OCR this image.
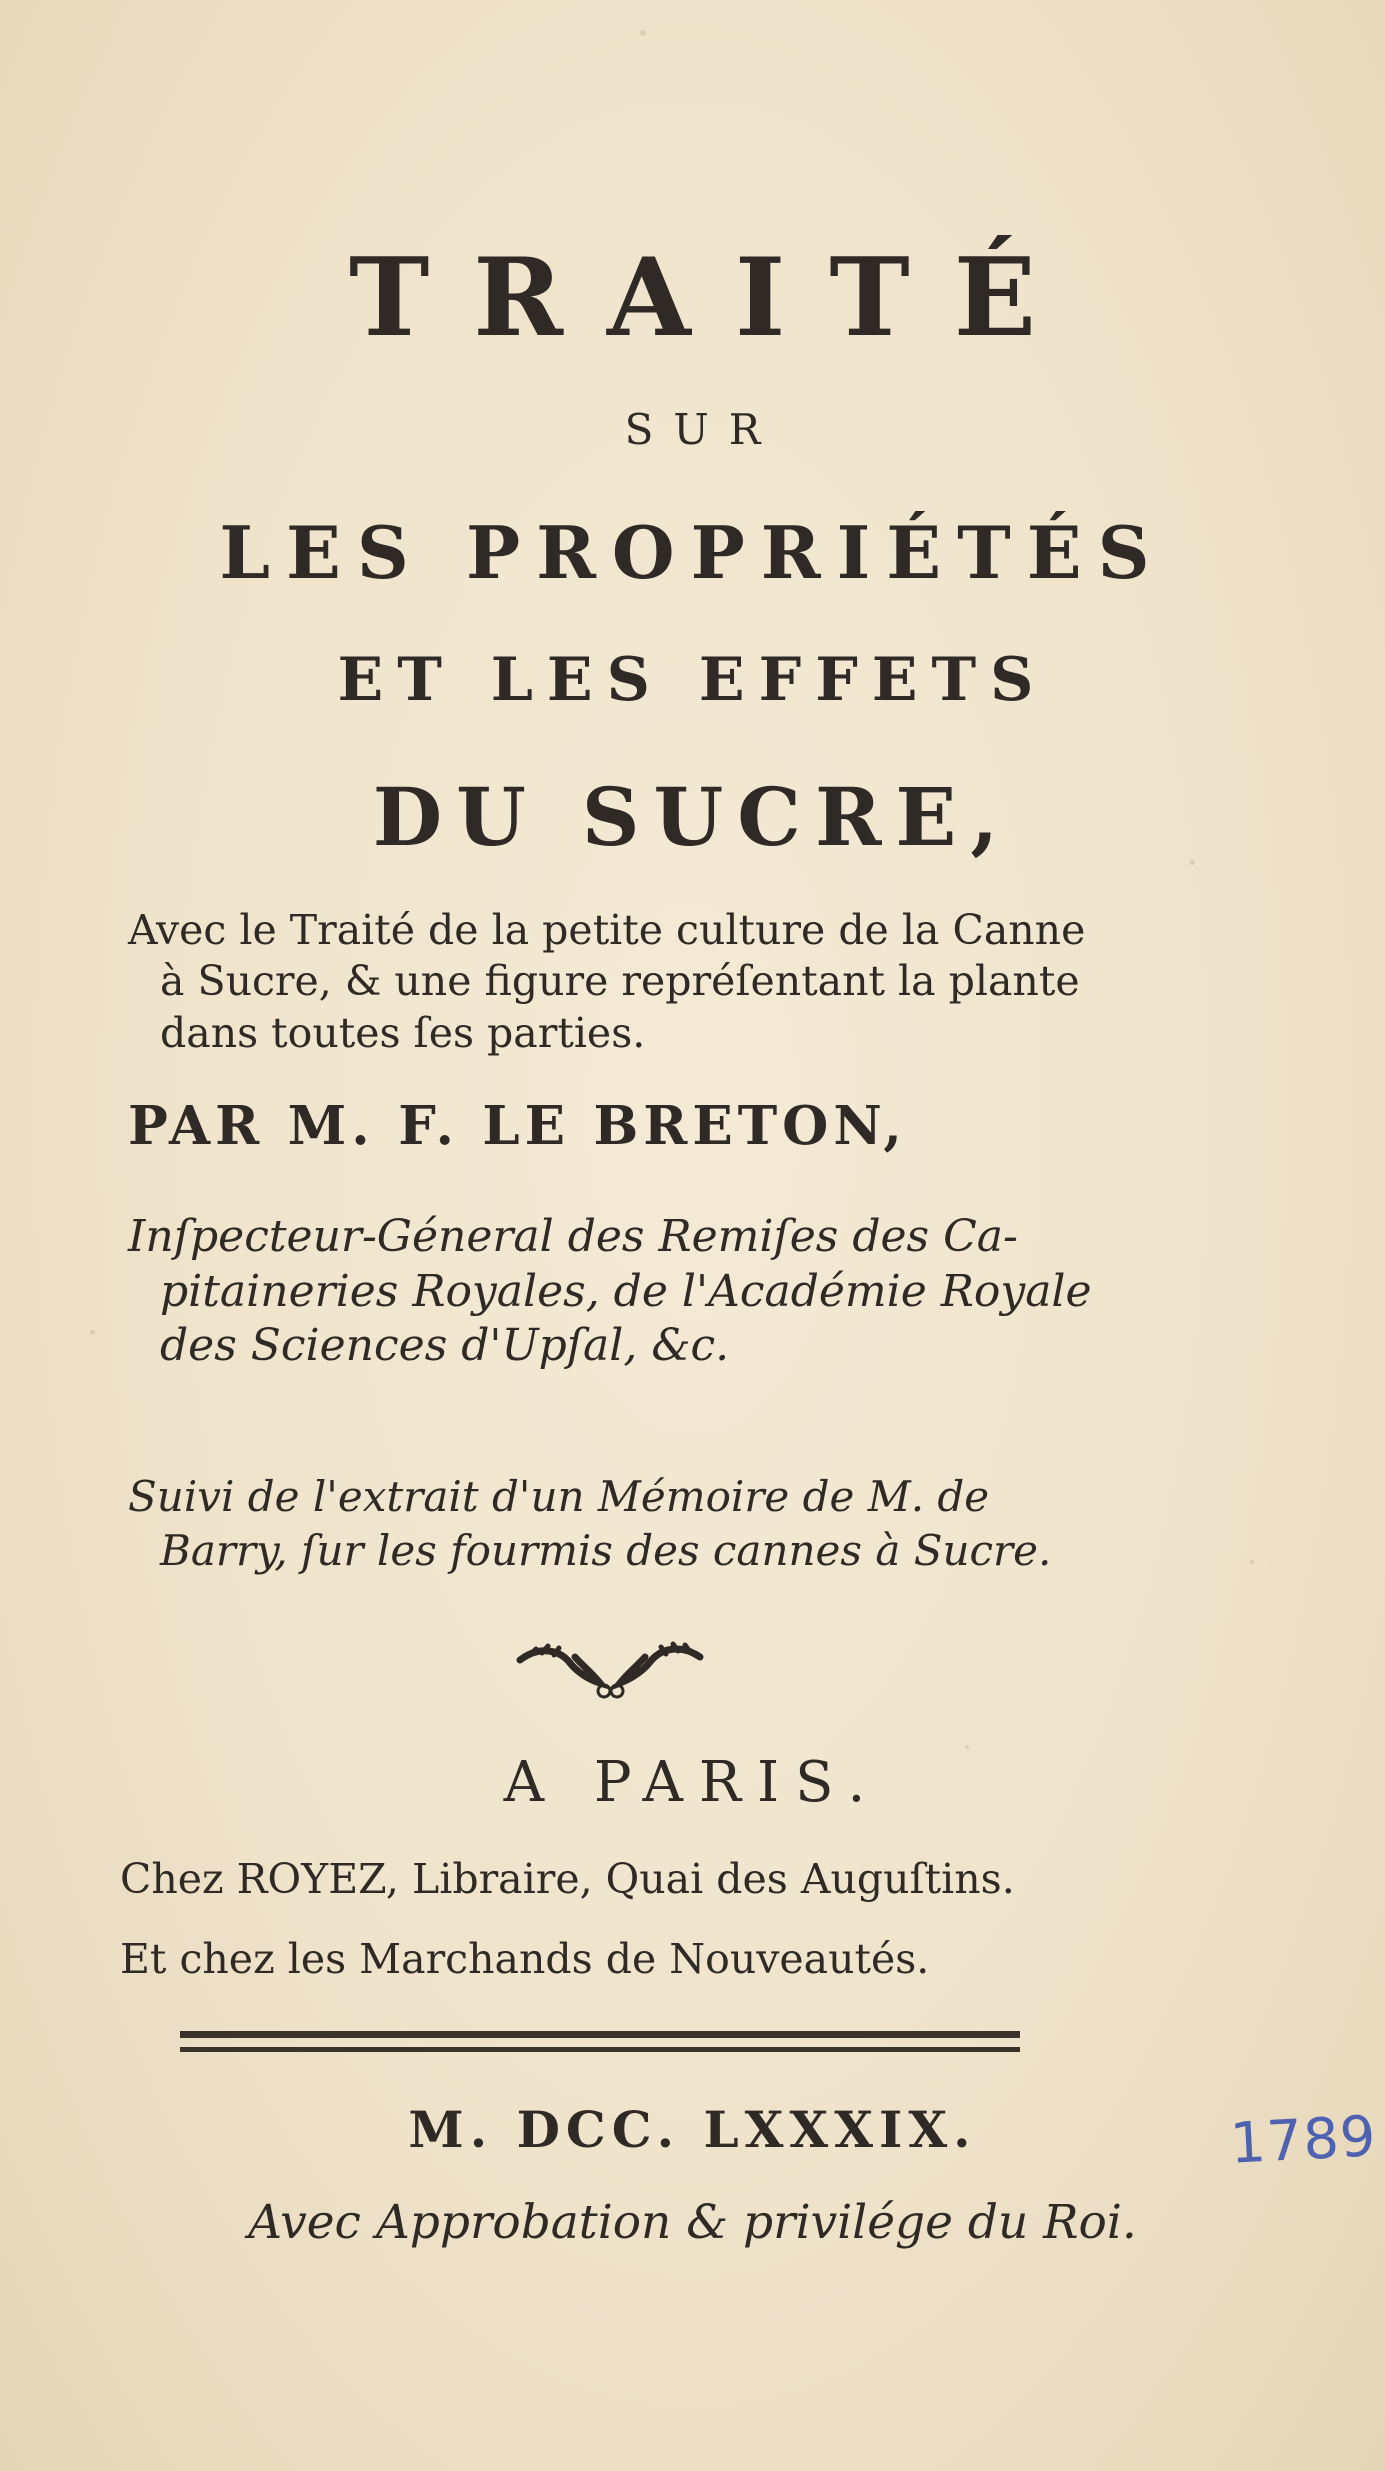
TRAITÉ
SUR
LES PROPRIÉTÉS
ET LES EFFETS
DU SUCRE,
Avec le Traité de la petite culture de la Canne
à Sucre, & une figure repréſentant la plante dans toutes ſes parties.
PAR M. F. LE BRETON,
Inſpecteur-Géneral des Remiſes des Ca-
pitaineries Royales, de l'Académie Royale des Sciences d'Upſal, &c.
Suivi de l'extrait d'un Mémoire de M. de
Barry, ſur les fourmis des cannes à Sucre.
A PARIS.
Chez ROYEZ, Libraire, Quai des Auguſtins.
Et chez les Marchands de Nouveautés.
M. DCC. LXXXIX.
Avec Approbation & privilége du Roi.
1789
